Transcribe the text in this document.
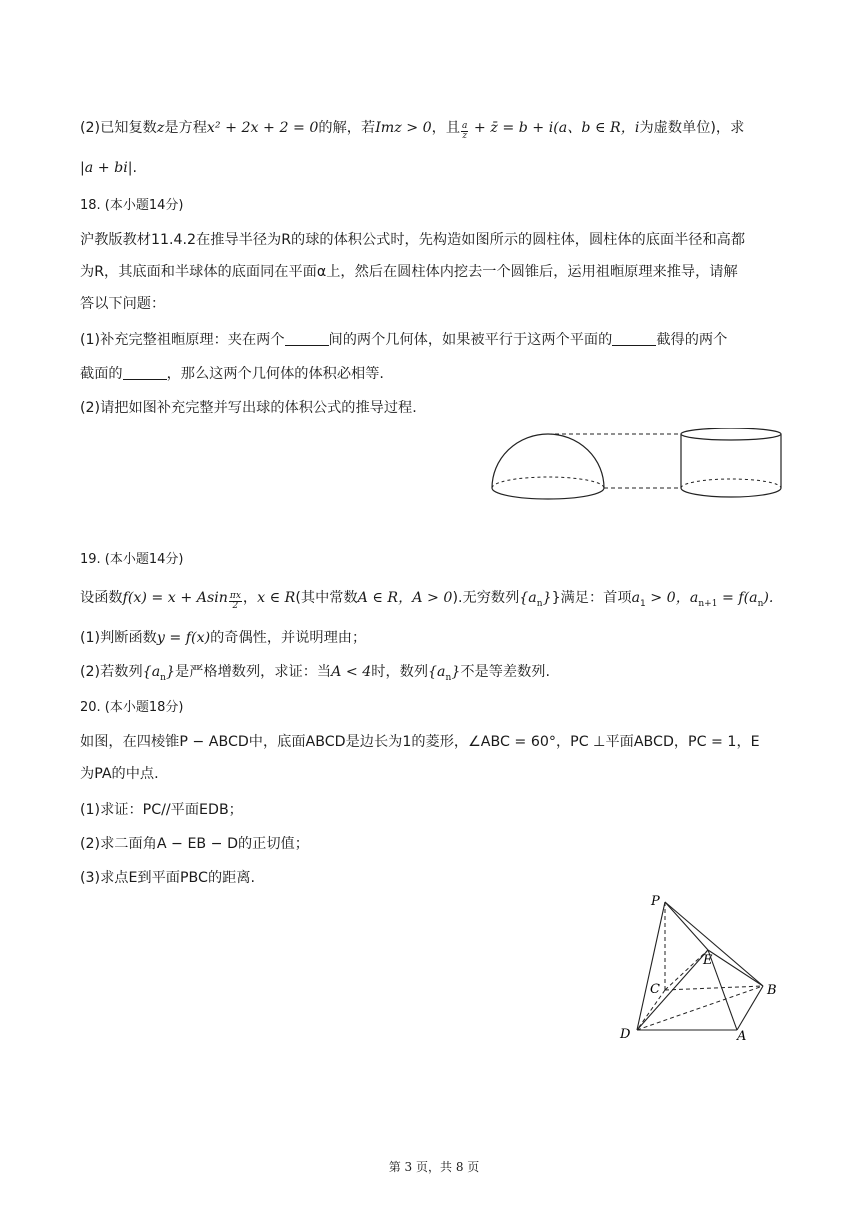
(2)已知复数z是方程x² + 2x + 2 = 0的解，若Imz > 0，且 $\frac{a}{z}$ + z̄ = b + i(a、b ∈ R，i为虚数单位)，求
|a + bi|.
18. (本小题14分)
沪教版教材11.4.2在推导半径为R的球的体积公式时，先构造如图所示的圆柱体，圆柱体的底面半径和高都
为R，其底面和半球体的底面同在平面α上，然后在圆柱体内挖去一个圆锥后，运用祖暅原理来推导，请解
答以下问题：
(1)补充完整祖暅原理：夹在两个	间的两个几何体，如果被平行于这两个平面的	截得的两个
截面的	，那么这两个几何体的体积必相等.
(2)请把如图补充完整并写出球的体积公式的推导过程.
19. (本小题14分)
设函数f(x) = x + Asin $\frac{\pi x}{2}$ ，x ∈ R(其中常数A ∈ R，A > 0).无穷数列$\{a_n\}$}满足：首项$a_1 > 0$，$a_{n+1} = f(a_n)$.
(1)判断函数y = f(x)的奇偶性，并说明理由；
(2)若数列$\{a_n\}$是严格增数列，求证：当A < 4时，数列$\{a_n\}$不是等差数列.
20. (本小题18分)
如图，在四棱锥P − ABCD中，底面ABCD是边长为1的菱形，∠ABC = 60°，PC ⊥平面ABCD，PC = 1，E
为PA的中点.
(1)求证：PC//平面EDB；
(2)求二面角A − EB − D的正切值；
(3)求点E到平面PBC的距离.
P
E
C	B
D	A
第 3 页，共 8 页
